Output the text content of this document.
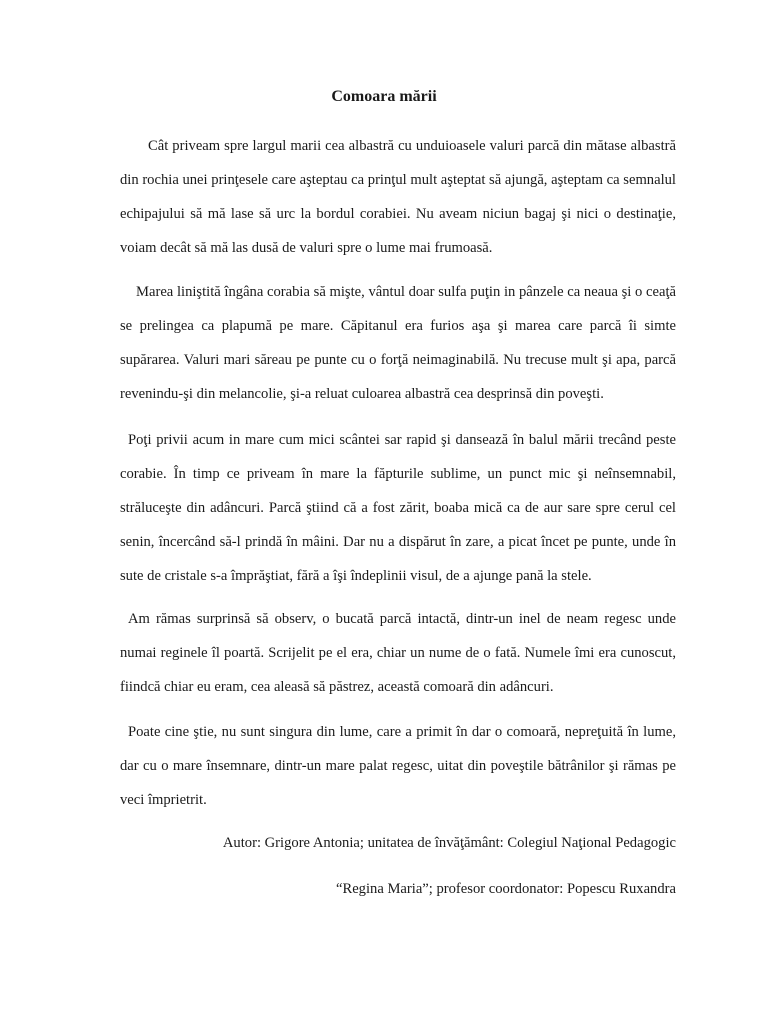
Comoara mării

Cât priveam spre largul marii cea albastră cu unduioasele valuri parcă din mătase albastră din rochia unei prinţesele care aşteptau ca prinţul mult aşteptat să ajungă, aşteptam ca semnalul echipajului să mă lase să urc la bordul corabiei. Nu aveam niciun bagaj şi nici o destinaţie, voiam decât să mă las dusă de valuri spre o lume mai frumoasă.

Marea liniştită îngâna corabia să mişte, vântul doar sulfa puţin in pânzele ca neaua şi o ceaţă se prelingea ca plapumă pe mare. Căpitanul era furios aşa şi marea care parcă îi simte supărarea. Valuri mari săreau pe punte cu o forţă neimaginabilă. Nu trecuse mult şi apa, parcă revenindu-şi din melancolie, şi-a reluat culoarea albastră cea desprinsă din poveşti.

Poţi privii acum in mare cum mici scântei sar rapid şi dansează în balul mării trecând peste corabie. În timp ce priveam în mare la făpturile sublime, un punct mic şi neînsemnabil, străluceşte din adâncuri. Parcă ştiind că a fost zărit, boaba mică ca de aur sare spre cerul cel senin, încercând să-l prindă în mâini. Dar nu a dispărut în zare, a picat încet pe punte, unde în sute de cristale s-a împrăştiat, fără a îşi îndeplinii visul, de a ajunge pană la stele.

Am rămas surprinsă să observ, o bucată parcă intactă, dintr-un inel de neam regesc unde numai reginele îl poartă. Scrijelit pe el era, chiar un nume de o fată. Numele îmi era cunoscut, fiindcă chiar eu eram, cea aleasă să păstrez, această comoară din adâncuri.

Poate cine ştie, nu sunt singura din lume, care a primit în dar o comoară, nepreţuită în lume, dar cu o mare însemnare, dintr-un mare palat regesc, uitat din poveştile bătrânilor şi rămas pe veci împrietrit.

Autor: Grigore Antonia; unitatea de învăţământ: Colegiul Naţional Pedagogic
“Regina Maria”; profesor coordonator: Popescu Ruxandra
